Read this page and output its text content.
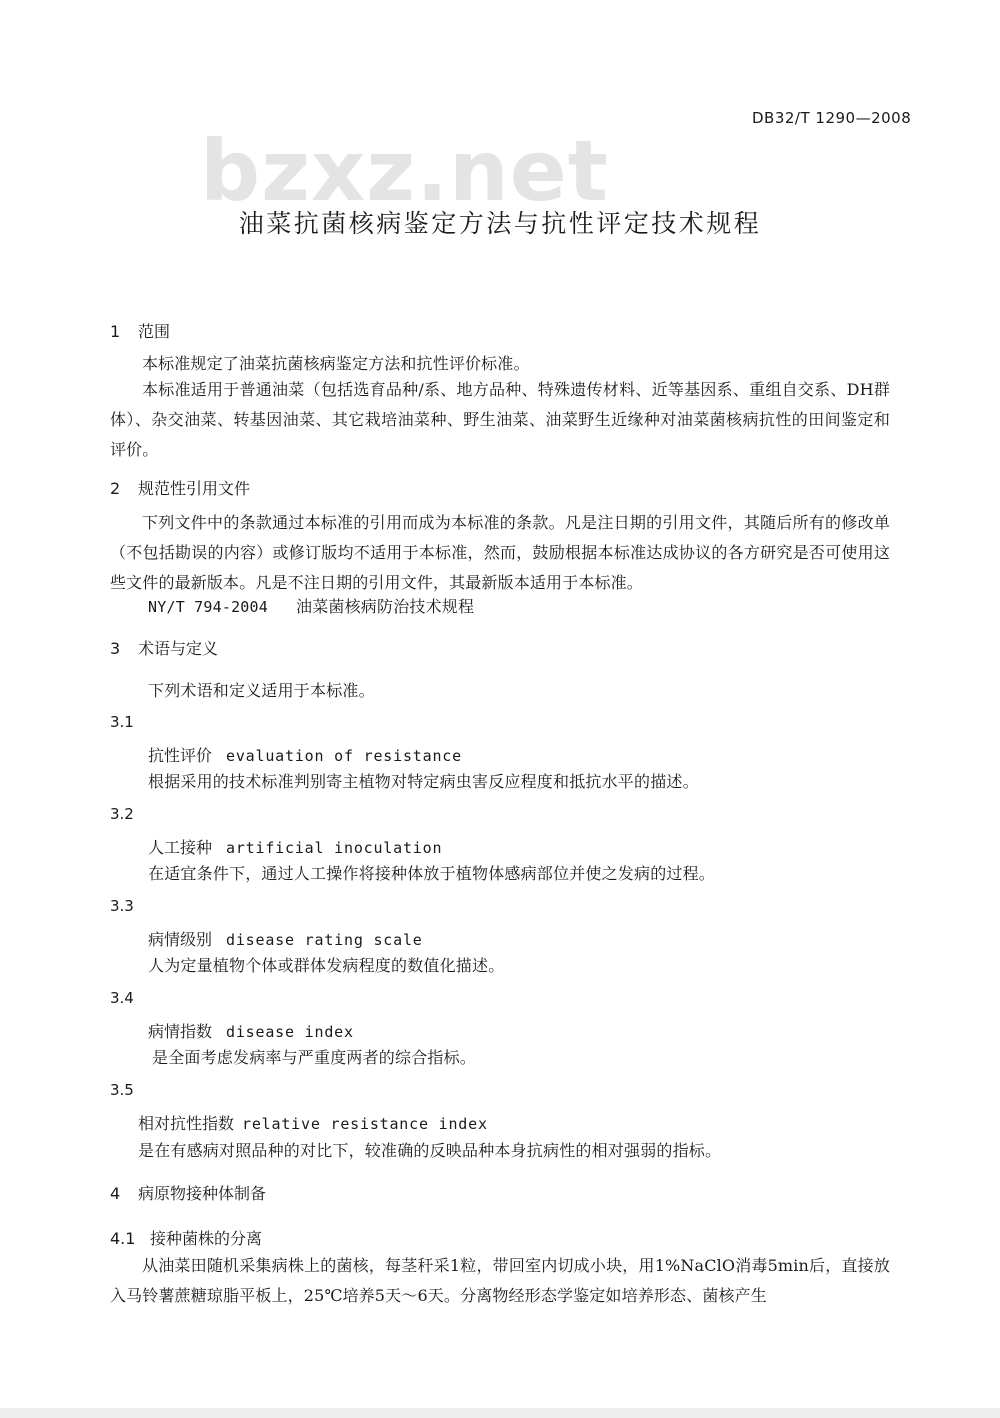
DB32/T 1290—2008
bzxz.net
油菜抗菌核病鉴定方法与抗性评定技术规程
1 范围
本标准规定了油菜抗菌核病鉴定方法和抗性评价标准。
本标准适用于普通油菜（包括选育品种/系、地方品种、特殊遗传材料、近等基因系、重组自交系、DH群体）、杂交油菜、转基因油菜、其它栽培油菜种、野生油菜、油菜野生近缘种对油菜菌核病抗性的田间鉴定和评价。
2 规范性引用文件
下列文件中的条款通过本标准的引用而成为本标准的条款。凡是注日期的引用文件，其随后所有的修改单（不包括勘误的内容）或修订版均不适用于本标准，然而，鼓励根据本标准达成协议的各方研究是否可使用这些文件的最新版本。凡是不注日期的引用文件，其最新版本适用于本标准。
NY/T 794-2004 油菜菌核病防治技术规程
3 术语与定义
下列术语和定义适用于本标准。
3.1
抗性评价 evaluation of resistance
根据采用的技术标准判别寄主植物对特定病虫害反应程度和抵抗水平的描述。
3.2
人工接种 artificial inoculation
在适宜条件下，通过人工操作将接种体放于植物体感病部位并使之发病的过程。
3.3
病情级别 disease rating scale
人为定量植物个体或群体发病程度的数值化描述。
3.4
病情指数 disease index
是全面考虑发病率与严重度两者的综合指标。
3.5
相对抗性指数 relative resistance index
是在有感病对照品种的对比下，较准确的反映品种本身抗病性的相对强弱的指标。
4 病原物接种体制备
4.1 接种菌株的分离
从油菜田随机采集病株上的菌核，每茎秆采1粒，带回室内切成小块，用1%NaClO消毒5min后，直接放入马铃薯蔗糖琼脂平板上，25℃培养5天～6天。分离物经形态学鉴定如培养形态、菌核产生
